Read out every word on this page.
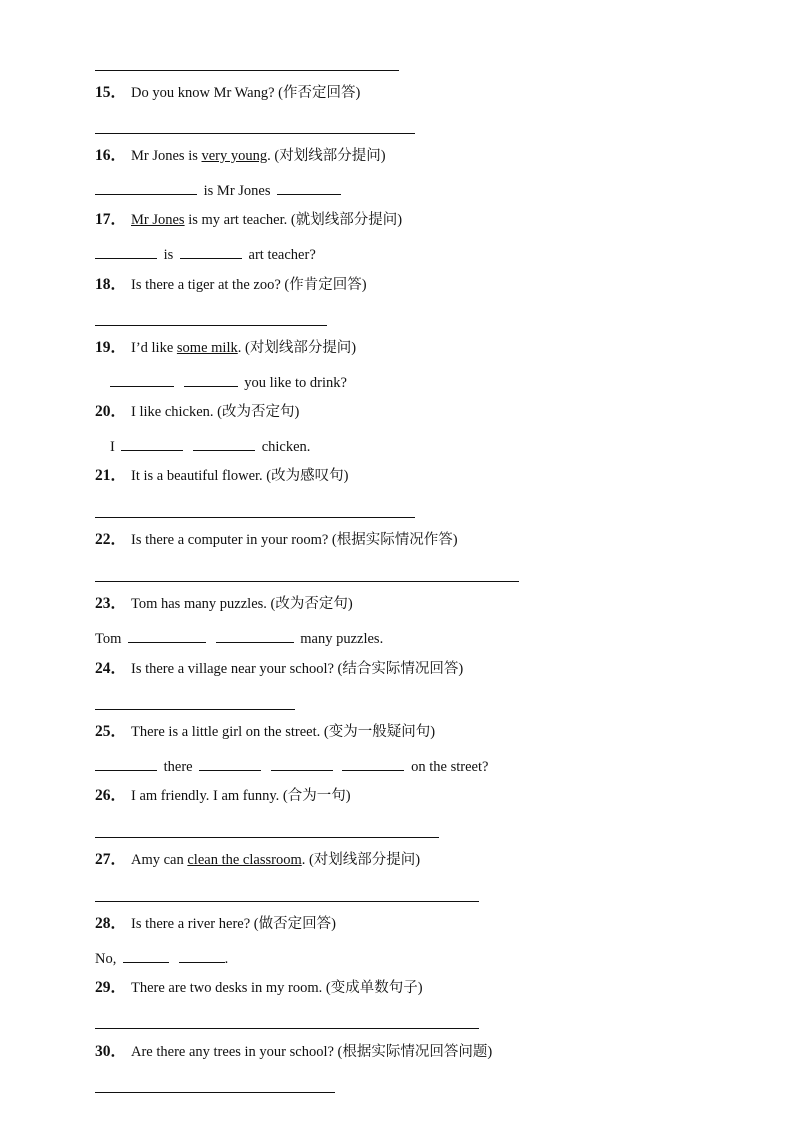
15． Do you know Mr Wang? (作否定回答)
16． Mr Jones is very young. (对划线部分提问)
is Mr Jones
17． Mr Jones is my art teacher. (就划线部分提问)
is	art teacher?
18． Is there a tiger at the zoo? (作肯定回答)
19． I’d like some milk. (对划线部分提问)
you like to drink?
20． I like chicken. (改为否定句)
I	chicken.
21． It is a beautiful flower. (改为感叹句)
22． Is there a computer in your room? (根据实际情况作答)
23． Tom has many puzzles. (改为否定句)
Tom	many puzzles.
24． Is there a village near your school? (结合实际情况回答)
25． There is a little girl on the street. (变为一般疑问句)
there	on the street?
26． I am friendly. I am funny. (合为一句)
27． Amy can clean the classroom. (对划线部分提问)
28． Is there a river here? (做否定回答)
No,	.
29． There are two desks in my room. (变成单数句子)
30． Are there any trees in your school? (根据实际情况回答问题)
